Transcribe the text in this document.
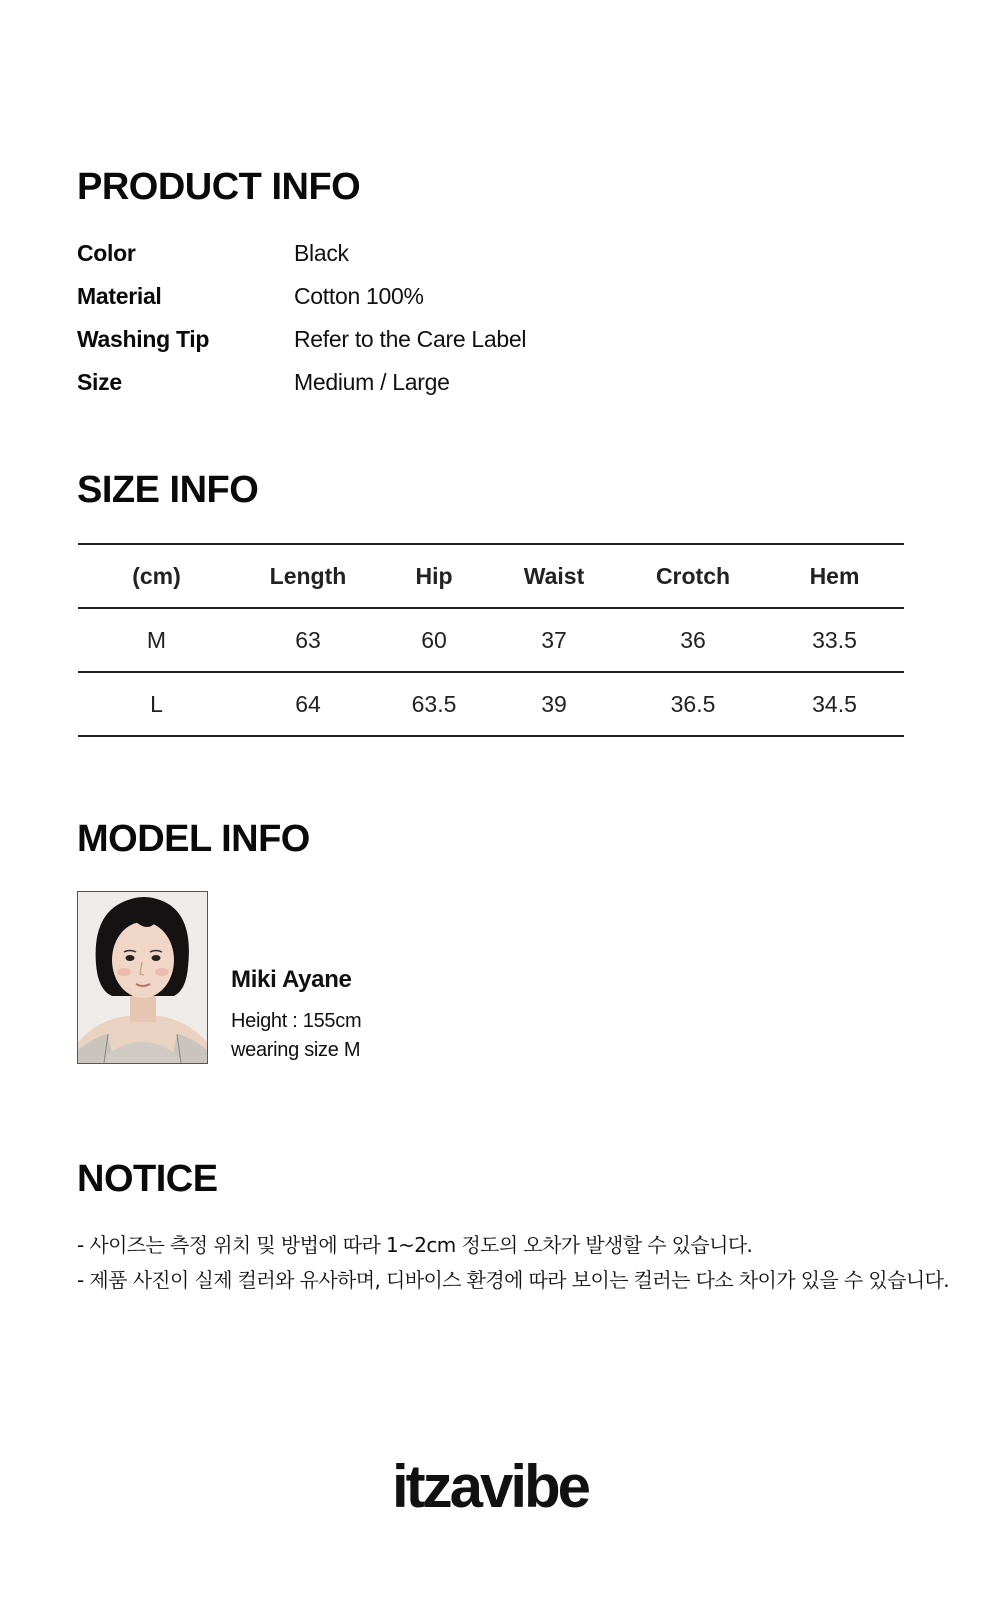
PRODUCT INFO
Color	Black
Material	Cotton 100%
Washing Tip	Refer to the Care Label
Size	Medium / Large
SIZE INFO
(cm)	Length	Hip	Waist	Crotch	Hem
M	63	60	37	36	33.5
L	64	63.5	39	36.5	34.5
MODEL INFO
Miki Ayane
Height : 155cm
wearing size M
NOTICE
- 사이즈는 측정 위치 및 방법에 따라 1~2cm 정도의 오차가 발생할 수 있습니다.
- 제품 사진이 실제 컬러와 유사하며, 디바이스 환경에 따라 보이는 컬러는 다소 차이가 있을 수 있습니다.
itzavibe
